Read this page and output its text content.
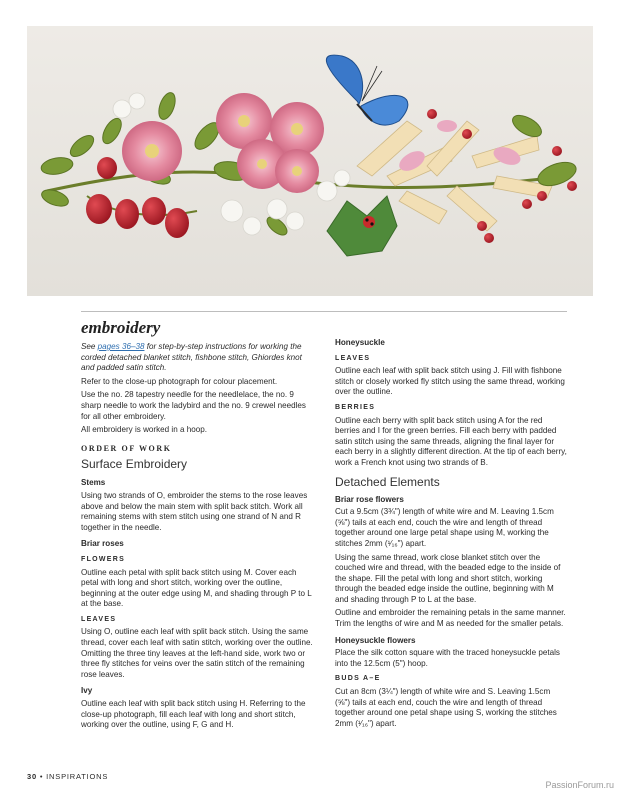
embroidery

See pages 36–38 for step-by-step instructions for working the corded detached blanket stitch, fishbone stitch, Ghiordes knot and padded satin stitch.

Refer to the close-up photograph for colour placement.

Use the no. 28 tapestry needle for the needlelace, the no. 9 sharp needle to work the ladybird and the no. 9 crewel needles for all other embroidery.

All embroidery is worked in a hoop.

ORDER OF WORK
Surface Embroidery
Stems

Using two strands of O, embroider the stems to the rose leaves above and below the main stem with split back stitch. Work all remaining stems with stem stitch using one strand of N and R together in the needle.

Briar roses
FLOWERS

Outline each petal with split back stitch using M. Cover each petal with long and short stitch, working over the outline, beginning at the outer edge using M, and shading through P to L at the base.

LEAVES

Using O, outline each leaf with split back stitch. Using the same thread, cover each leaf with satin stitch, working over the outline. Omitting the three tiny leaves at the left-hand side, work two or three fly stitches for veins over the satin stitch of the remaining rose leaves.

Ivy

Outline each leaf with split back stitch using H. Referring to the close-up photograph, fill each leaf with long and short stitch, working over the outline, using F, G and H.

Honeysuckle
LEAVES

Outline each leaf with split back stitch using J. Fill with fishbone stitch or closely worked fly stitch using the same thread, working over the outline.

BERRIES

Outline each berry with split back stitch using A for the red berries and I for the green berries. Fill each berry with padded satin stitch using the same threads, aligning the final layer for each berry in a slightly different direction. At the tip of each berry, work a French knot using two strands of B.

Detached Elements
Briar rose flowers

Cut a 9.5cm (3¾") length of white wire and M. Leaving 1.5cm (⅝") tails at each end, couch the wire and length of thread together around one large petal shape using M, working the stitches 2mm (¹⁄₁₆") apart.

Using the same thread, work close blanket stitch over the couched wire and thread, with the beaded edge to the inside of the shape. Fill the petal with long and short stitch, working through the beaded edge inside the outline, beginning with M and shading through P to L at the base.

Outline and embroider the remaining petals in the same manner. Trim the lengths of wire and M as needed for the smaller petals.

Honeysuckle flowers

Place the silk cotton square with the traced honeysuckle petals into the 12.5cm (5") hoop.

BUDS A–E

Cut an 8cm (3¼") length of white wire and S. Leaving 1.5cm (⅝") tails at each end, couch the wire and length of thread together around one petal shape using S, working the stitches 2mm (¹⁄₁₆") apart.

30 • INSPIRATIONS
PassionForum.ru
